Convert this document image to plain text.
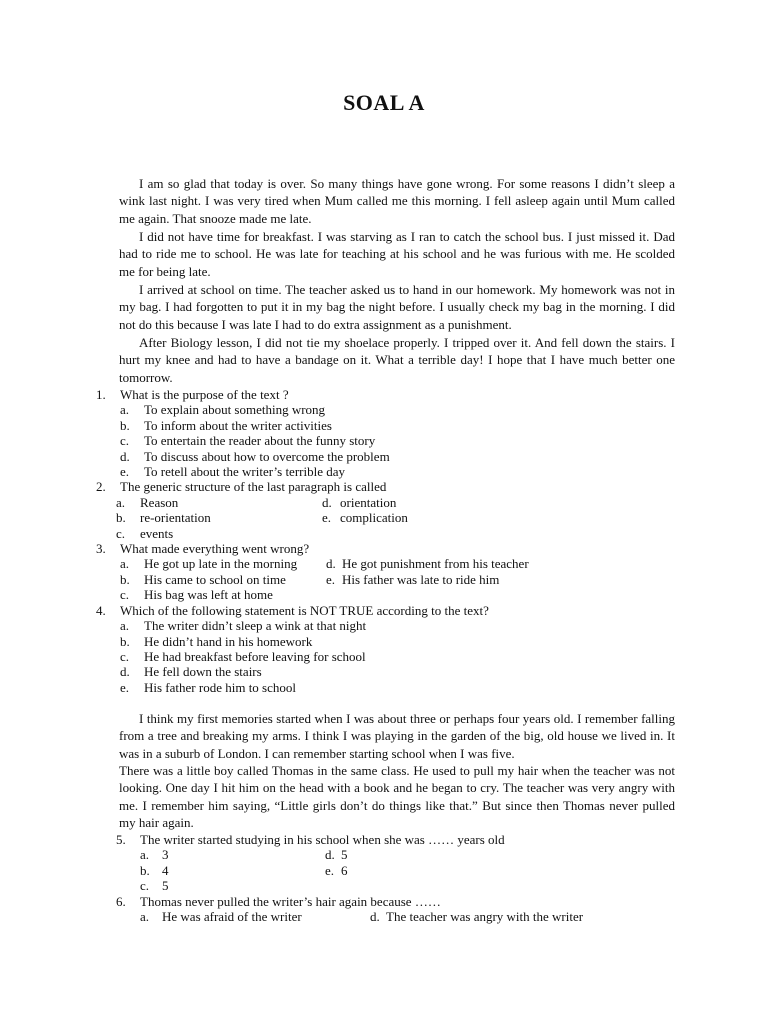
SOAL A

I am so glad that today is over. So many things have gone wrong. For some reasons I didn’t sleep a wink last night. I was very tired when Mum called me this morning. I fell asleep again until Mum called me again. That snooze made me late.

I did not have time for breakfast. I was starving as I ran to catch the school bus. I just missed it. Dad had to ride me to school. He was late for teaching at his school and he was furious with me. He scolded me for being late.

I arrived at school on time. The teacher asked us to hand in our homework. My homework was not in my bag. I had forgotten to put it in my bag the night before. I usually check my bag in the morning. I did not do this because I was late I had to do extra assignment as a punishment.

After Biology lesson, I did not tie my shoelace properly. I tripped over it. And fell down the stairs. I hurt my knee and had to have a bandage on it. What a terrible day! I hope that I have much better one tomorrow.

1. What is the purpose of the text ?
a. To explain about something wrong
b. To inform about the writer activities
c. To entertain the reader about the funny story
d. To discuss about how to overcome the problem
e. To retell about the writer’s terrible day
2. The generic structure of the last paragraph is called
a. Reason	d. orientation
b. re-orientation	e. complication
c. events
3. What made everything went wrong?
a. He got up late in the morning	d. He got punishment from his teacher
b. His came to school on time	e. His father was late to ride him
c. His bag was left at home
4. Which of the following statement is NOT TRUE according to the text?
a. The writer didn’t sleep a wink at that night
b. He didn’t hand in his homework
c. He had breakfast before leaving for school
d. He fell down the stairs
e. His father rode him to school

I think my first memories started when I was about three or perhaps four years old. I remember falling from a tree and breaking my arms. I think I was playing in the garden of the big, old house we lived in. It was in a suburb of London. I can remember starting school when I was five.

There was a little boy called Thomas in the same class. He used to pull my hair when the teacher was not looking. One day I hit him on the head with a book and he began to cry. The teacher was very angry with me. I remember him saying, “Little girls don’t do things like that.” But since then Thomas never pulled my hair again.

5. The writer started studying in his school when she was …… years old
a. 3	d. 5
b. 4	e. 6
c. 5
6. Thomas never pulled the writer’s hair again because ……
a. He was afraid of the writer	d. The teacher was angry with the writer
